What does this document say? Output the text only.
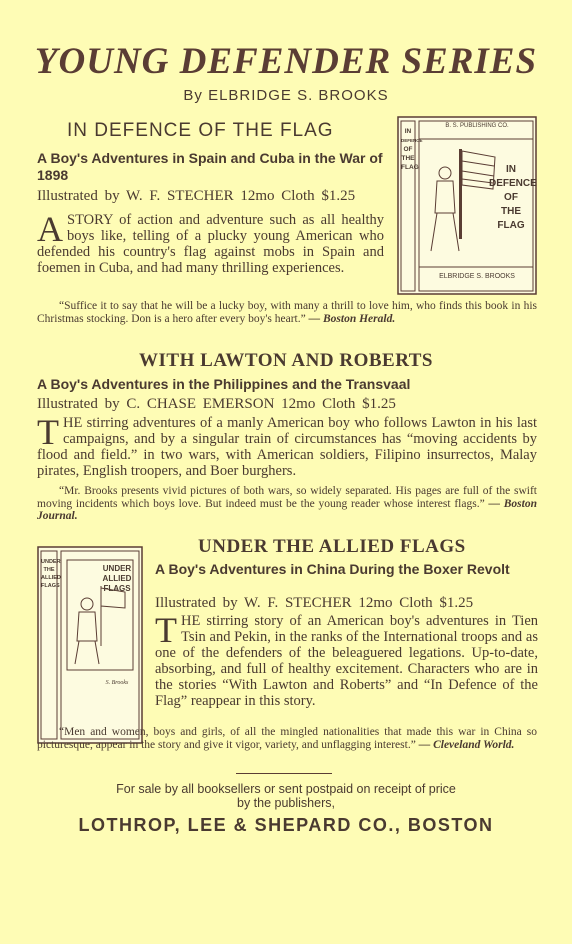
YOUNG DEFENDER SERIES
By ELBRIDGE S. BROOKS
IN DEFENCE OF THE FLAG
A Boy's Adventures in Spain and Cuba in the War of 1898
Illustrated by W. F. STECHER 12mo Cloth $1.25
ASTORY of action and adventure such as all healthy boys like, telling of a plucky young American who defended his country's flag against mobs in Spain and foemen in Cuba, and had many thrilling experiences.
B. S. PUBLISHING CO.
IN
DEFENCE
OF
THE
FLAG	IN
DEFENCE
OF
THE FLAG
ELBRIDGE S. BROOKS
“Suffice it to say that he will be a lucky boy, with many a thrill to love him, who finds this book in his Christmas stocking. Don is a hero after every boy's heart.” — Boston Herald.
WITH LAWTON AND ROBERTS
A Boy's Adventures in the Philippines and the Transvaal
Illustrated by C. CHASE EMERSON 12mo Cloth $1.25
THE stirring adventures of a manly American boy who follows Lawton in his last campaigns, and by a singular train of circumstances has “moving accidents by flood and field.” in two wars, with American soldiers, Filipino insurrectos, Malay pirates, English troopers, and Boer burghers.
“Mr. Brooks presents vivid pictures of both wars, so widely separated. His pages are full of the swift moving incidents which boys love. But indeed must be the young reader whose interest flags.” — Boston Journal.
UNDER
THE
ALLIED
FLAGS
UNDER
ALLIED
FLAGS
S. Brooks
UNDER THE ALLIED FLAGS
A Boy's Adventures in China During the Boxer Revolt
Illustrated by W. F. STECHER 12mo Cloth $1.25
THE stirring story of an American boy's adventures in Tien Tsin and Pekin, in the ranks of the International troops and as one of the defenders of the beleaguered legations. Up-to-date, absorbing, and full of healthy excitement. Characters who are in the stories “With Lawton and Roberts” and “In Defence of the Flag” reappear in this story.
“Men and women, boys and girls, of all the mingled nationalities that made this war in China so picturesque, appear in the story and give it vigor, variety, and unflagging interest.” — Cleveland World.
For sale by all booksellers or sent postpaid on receipt of price
by the publishers,
LOTHROP, LEE & SHEPARD CO., BOSTON
